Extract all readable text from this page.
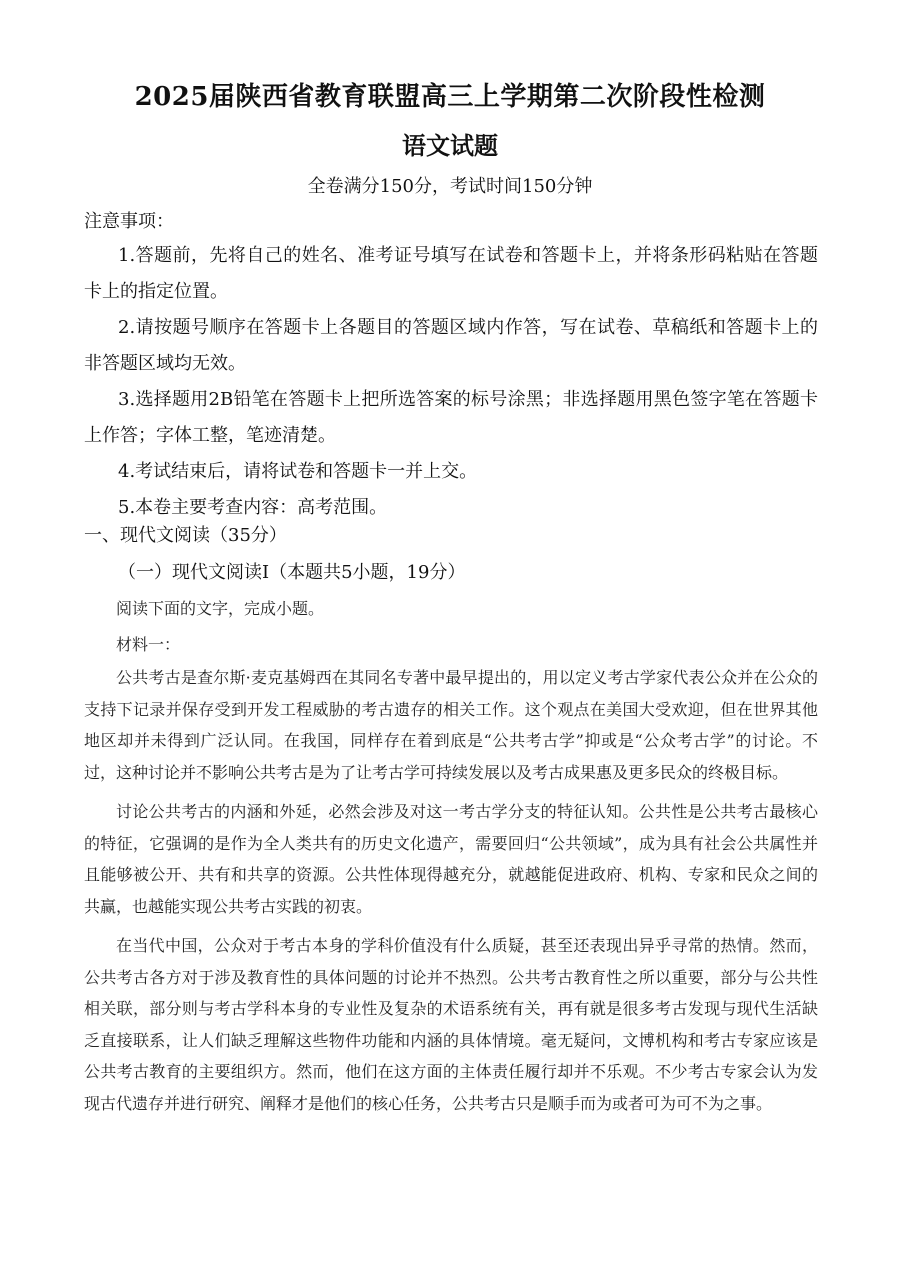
2025届陕西省教育联盟高三上学期第二次阶段性检测
语文试题
全卷满分150分，考试时间150分钟
注意事项：

1.答题前，先将自己的姓名、准考证号填写在试卷和答题卡上，并将条形码粘贴在答题卡上的指定位置。

2.请按题号顺序在答题卡上各题目的答题区域内作答，写在试卷、草稿纸和答题卡上的非答题区域均无效。

3.选择题用2B铅笔在答题卡上把所选答案的标号涂黑；非选择题用黑色签字笔在答题卡上作答；字体工整，笔迹清楚。

4.考试结束后，请将试卷和答题卡一并上交。

5.本卷主要考查内容：高考范围。

一、现代文阅读（35分）
（一）现代文阅读Ⅰ（本题共5小题，19分）
阅读下面的文字，完成小题。
材料一：

公共考古是查尔斯·麦克基姆西在其同名专著中最早提出的，用以定义考古学家代表公众并在公众的支持下记录并保存受到开发工程威胁的考古遗存的相关工作。这个观点在美国大受欢迎，但在世界其他地区却并未得到广泛认同。在我国，同样存在着到底是“公共考古学”抑或是“公众考古学”的讨论。不过，这种讨论并不影响公共考古是为了让考古学可持续发展以及考古成果惠及更多民众的终极目标。

讨论公共考古的内涵和外延，必然会涉及对这一考古学分支的特征认知。公共性是公共考古最核心的特征，它强调的是作为全人类共有的历史文化遗产，需要回归“公共领域”，成为具有社会公共属性并且能够被公开、共有和共享的资源。公共性体现得越充分，就越能促进政府、机构、专家和民众之间的共赢，也越能实现公共考古实践的初衷。

在当代中国，公众对于考古本身的学科价值没有什么质疑，甚至还表现出异乎寻常的热情。然而，公共考古各方对于涉及教育性的具体问题的讨论并不热烈。公共考古教育性之所以重要，部分与公共性相关联，部分则与考古学科本身的专业性及复杂的术语系统有关，再有就是很多考古发现与现代生活缺乏直接联系，让人们缺乏理解这些物件功能和内涵的具体情境。毫无疑问，文博机构和考古专家应该是公共考古教育的主要组织方。然而，他们在这方面的主体责任履行却并不乐观。不少考古专家会认为发现古代遗存并进行研究、阐释才是他们的核心任务，公共考古只是顺手而为或者可为可不为之事。
